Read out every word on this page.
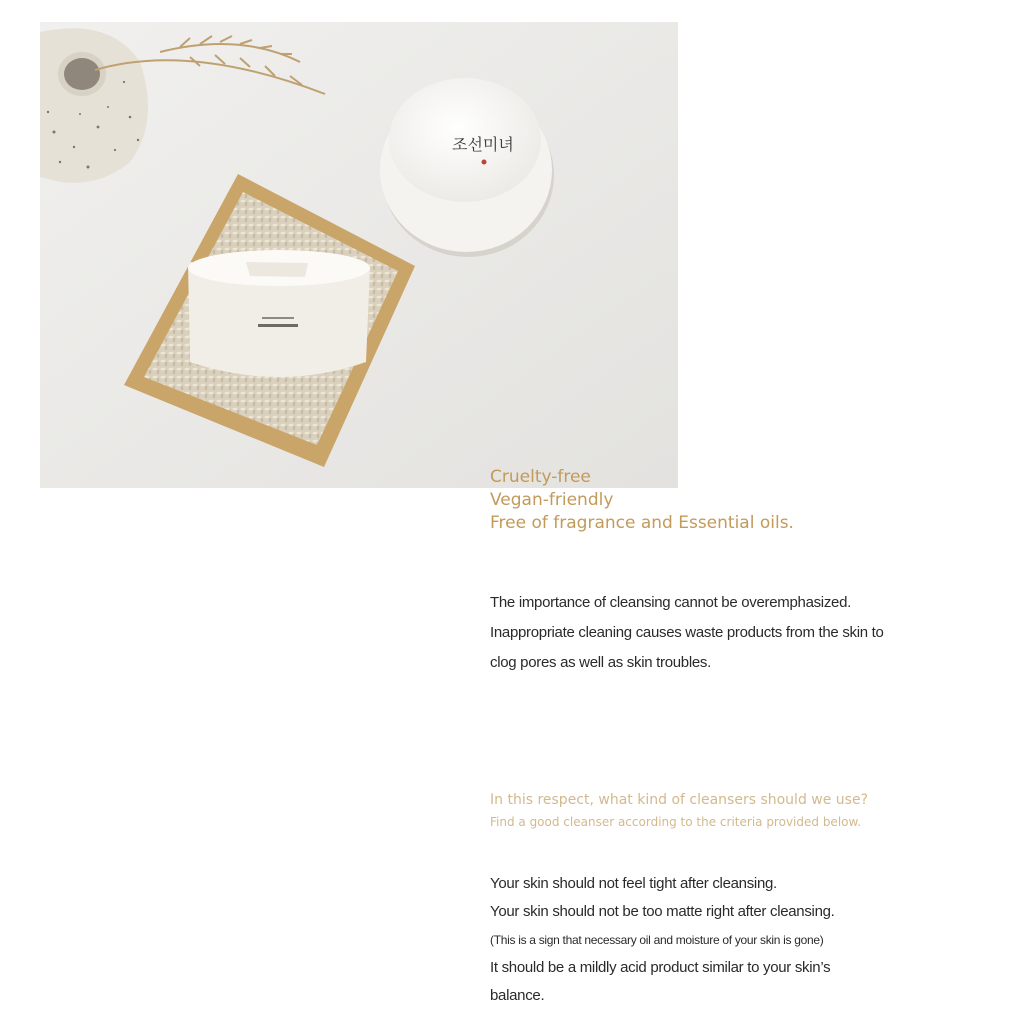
조선미녀
Cruelty-free
Vegan-friendly
Free of fragrance and Essential oils.
The importance of cleansing cannot be overemphasized.
Inappropriate cleaning causes waste products from the skin to
clog pores as well as skin troubles.
In this respect, what kind of cleansers should we use?
Find a good cleanser according to the criteria provided below.
Your skin should not feel tight after cleansing.
Your skin should not be too matte right after cleansing.
(This is a sign that necessary oil and moisture of your skin is gone)
It should be a mildly acid product similar to your skin’s
balance.
